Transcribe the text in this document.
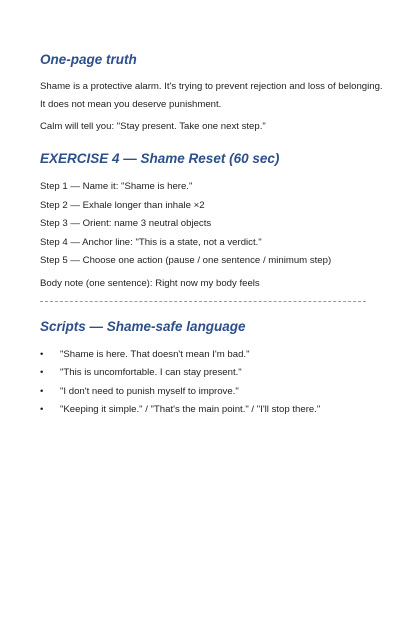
One-page truth

Shame is a protective alarm. It's trying to prevent rejection and loss of belonging.

It does not mean you deserve punishment.

Calm will tell you: "Stay present. Take one next step."

EXERCISE 4 — Shame Reset (60 sec)

Step 1 — Name it: "Shame is here."

Step 2 — Exhale longer than inhale ×2

Step 3 — Orient: name 3 neutral objects

Step 4 — Anchor line: "This is a state, not a verdict."

Step 5 — Choose one action (pause / one sentence / minimum step)

Body note (one sentence): Right now my body feels

Scripts — Shame-safe language
• "Shame is here. That doesn't mean I'm bad."
• "This is uncomfortable. I can stay present."
• "I don't need to punish myself to improve."
• "Keeping it simple." / "That's the main point." / "I'll stop there."
